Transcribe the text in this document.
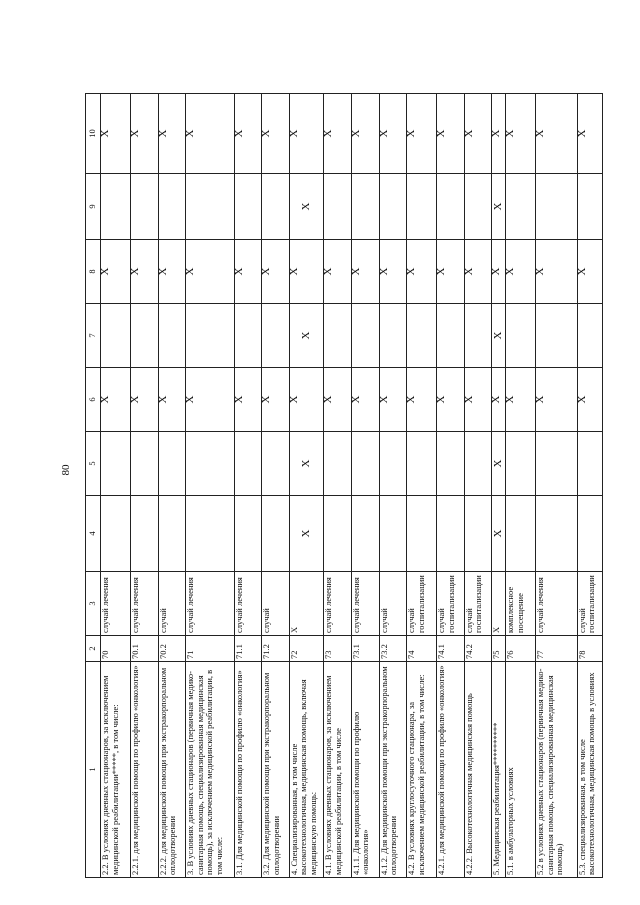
80
1	2	3	4	5	6	7	8	9	10
2.2. В условиях дневных стационаров, за исключением медицинской реабилитации*****, в том числе:	70	случай лечения			X		X		X
2.2.1. для медицинской помощи по профилю «онкология»	70.1	случай лечения			X		X		X
2.2.2. для медицинской помощи при экстракорпоральном оплодотворении	70.2	случай			X		X		X
3. В условиях дневных стационаров (первичная медико-санитарная помощь, специализированная медицинская помощь), за исключением медицинской реабилитации, в том числе:	71	случай лечения			X		X		X
3.1. Для медицинской помощи по профилю «онкология»	71.1	случай лечения			X		X		X
3.2. Для медицинской помощи при экстракорпоральном оплодотворении	71.2	случай			X		X		X
4. Специализированная, в том числе высокотехнологичная, медицинская помощь, включая медицинскую помощь:	72	X	X	X	X	X	X	X	X
4.1. В условиях дневных стационаров, за исключением медицинской реабилитации, в том числе	73	случай лечения			X		X		X
4.1.1. Для медицинской помощи по профилю «онкология»	73.1	случай лечения			X		X		X
4.1.2. Для медицинской помощи при экстракорпоральном оплодотворении	73.2	случай			X		X		X
4.2. В условиях круглосуточного стационара, за исключением медицинской реабилитации, в том числе:	74	случай госпитализации			X		X		X
4.2.1. для медицинской помощи по профилю «онкология»	74.1	случай госпитализации			X		X		X
4.2.2. Высокотехнологичная медицинская помощь	74.2	случай госпитализации			X		X		X
5. Медицинская реабилитация**********	75	X	X	X	X	X	X	X	X
5.1. в амбулаторных условиях	76	комплексное посещение			X		X		X
5.2 в условиях дневных стационаров (первичная медико-санитарная помощь, специализированная медицинская помощь)	77	случай лечения			X		X		X
5.3. специализированная, в том числе высокотехнологичная, медицинская помощь в условиях	78	случай госпитализации			X		X		X
